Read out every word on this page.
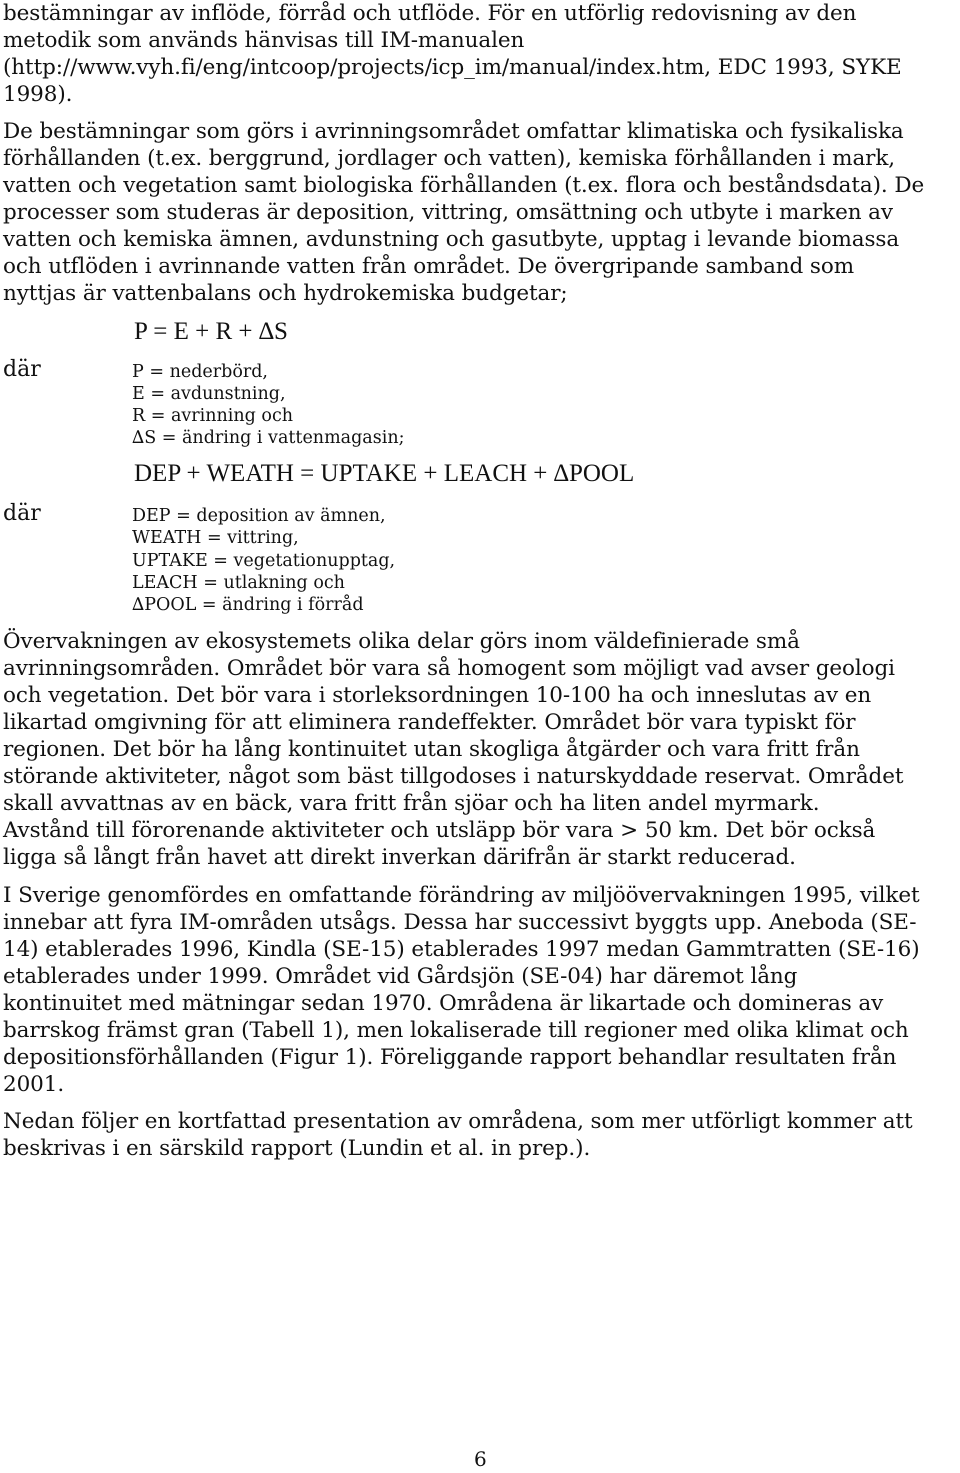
bestämningar av inflöde, förråd och utflöde. För en utförlig redovisning av den
metodik som används hänvisas till IM-manualen
(http://www.vyh.fi/eng/intcoop/projects/icp_im/manual/index.htm, EDC 1993, SYKE
1998).
De bestämningar som görs i avrinningsområdet omfattar klimatiska och fysikaliska
förhållanden (t.ex. berggrund, jordlager och vatten), kemiska förhållanden i mark,
vatten och vegetation samt biologiska förhållanden (t.ex. flora och beståndsdata). De
processer som studeras är deposition, vittring, omsättning och utbyte i marken av
vatten och kemiska ämnen, avdunstning och gasutbyte, upptag i levande biomassa
och utflöden i avrinnande vatten från området. De övergripande samband som
nyttjas är vattenbalans och hydrokemiska budgetar;
P = E + R + ∆S
där	P = nederbörd,
E = avdunstning,
R = avrinning och
∆S = ändring i vattenmagasin;
DEP + WEATH = UPTAKE + LEACH + ∆POOL
där	DEP = deposition av ämnen,
WEATH = vittring,
UPTAKE = vegetationupptag,
LEACH = utlakning och
∆POOL = ändring i förråd
Övervakningen av ekosystemets olika delar görs inom väldefinierade små
avrinningsområden. Området bör vara så homogent som möjligt vad avser geologi
och vegetation. Det bör vara i storleksordningen 10-100 ha och inneslutas av en
likartad omgivning för att eliminera randeffekter. Området bör vara typiskt för
regionen. Det bör ha lång kontinuitet utan skogliga åtgärder och vara fritt från
störande aktiviteter, något som bäst tillgodoses i naturskyddade reservat. Området
skall avvattnas av en bäck, vara fritt från sjöar och ha liten andel myrmark.
Avstånd till förorenande aktiviteter och utsläpp bör vara > 50 km. Det bör också
ligga så långt från havet att direkt inverkan därifrån är starkt reducerad.
I Sverige genomfördes en omfattande förändring av miljöövervakningen 1995, vilket
innebar att fyra IM-områden utsågs. Dessa har successivt byggts upp. Aneboda (SE-
14) etablerades 1996, Kindla (SE-15) etablerades 1997 medan Gammtratten (SE-16)
etablerades under 1999. Området vid Gårdsjön (SE-04) har däremot lång
kontinuitet med mätningar sedan 1970. Områdena är likartade och domineras av
barrskog främst gran (Tabell 1), men lokaliserade till regioner med olika klimat och
depositionsförhållanden (Figur 1). Föreliggande rapport behandlar resultaten från
2001.
Nedan följer en kortfattad presentation av områdena, som mer utförligt kommer att
beskrivas i en särskild rapport (Lundin et al. in prep.).
6
